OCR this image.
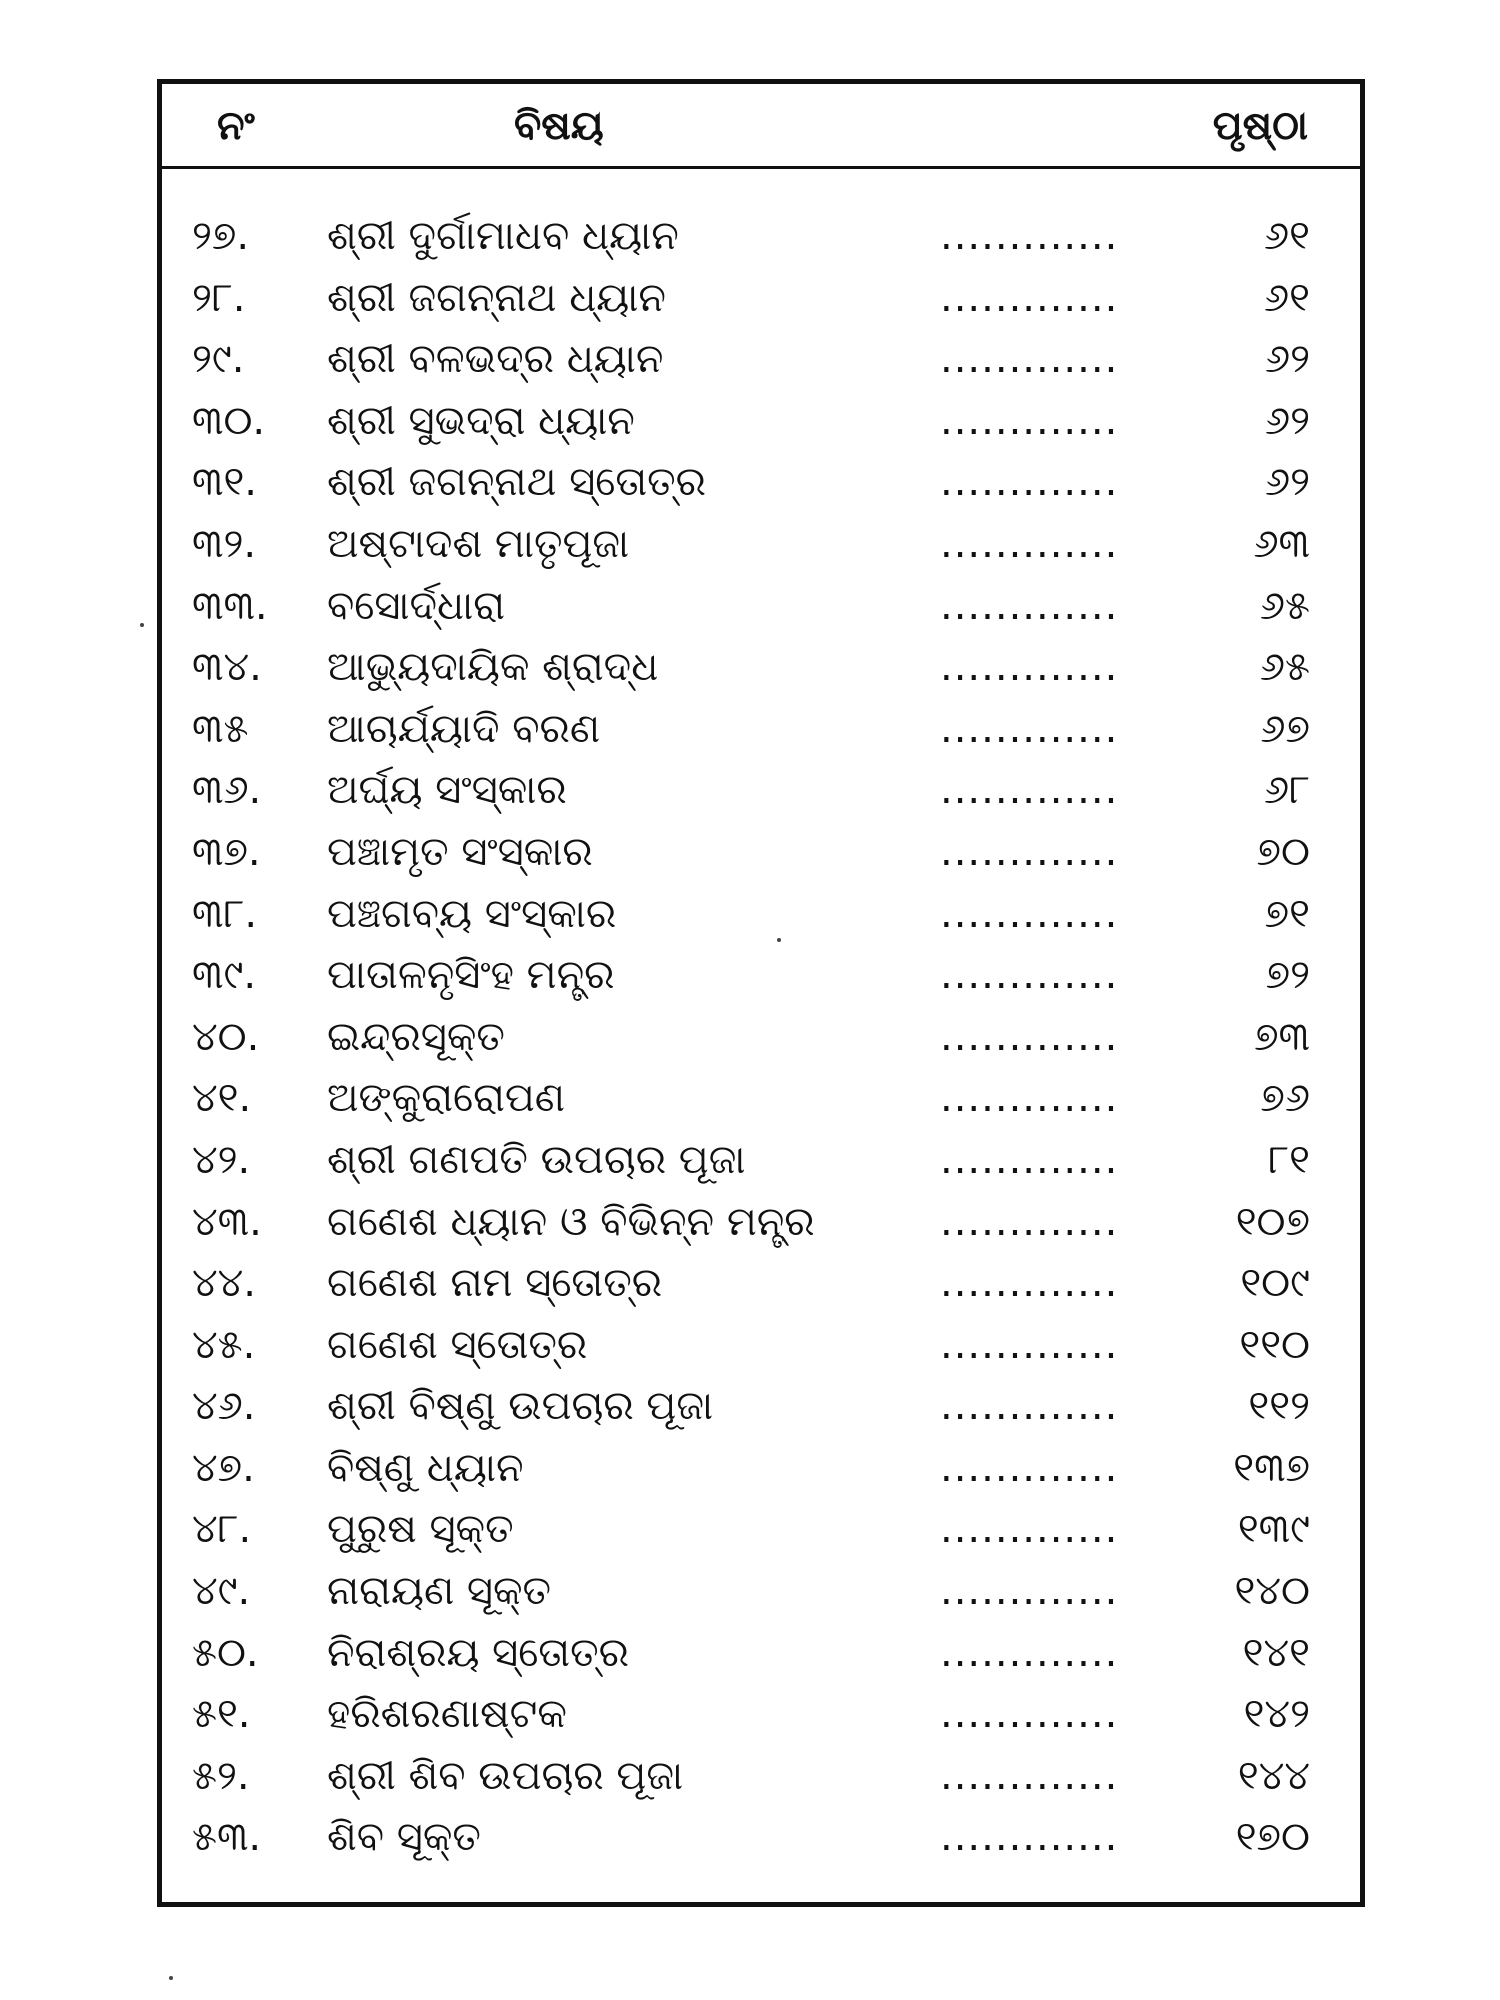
ନଂ	ବିଷୟ	ପୃଷ୍ଠା
୨୭. ଶ୍ରୀ ଦୁର୍ଗାମାଧବ ଧ୍ୟାନ	.............	୬୧
୨୮. ଶ୍ରୀ ଜଗନ୍ନାଥ ଧ୍ୟାନ	.............	୬୧
୨୯. ଶ୍ରୀ ବଳଭଦ୍ର ଧ୍ୟାନ	.............	୬୨
୩୦. ଶ୍ରୀ ସୁଭଦ୍ରା ଧ୍ୟାନ	.............	୬୨
୩୧. ଶ୍ରୀ ଜଗନ୍ନାଥ ସ୍ତୋତ୍ର	.............	୬୨
୩୨. ଅଷ୍ଟାଦଶ ମାତୃପୂଜା	.............	୬୩
୩୩. ବସୋର୍ଦ୍ଧାରା	.............	୬୫
୩୪. ଆଭ୍ୟୁଦାୟିକ ଶ୍ରାଦ୍ଧ	.............	୬୫
୩୫ ଆଚାର୍ଯ୍ୟାଦି ବରଣ	.............	୬୭
୩୬. ଅର୍ଘ୍ୟ ସଂସ୍କାର	.............	୬୮
୩୭. ପଞ୍ଚାମୃତ ସଂସ୍କାର	.............	୭୦
୩୮. ପଞ୍ଚଗବ୍ୟ ସଂସ୍କାର	.............	୭୧
୩୯. ପାତାଳନୃସିଂହ ମନ୍ତ୍ର	.............	୭୨
୪୦. ଇନ୍ଦ୍ରସୂକ୍ତ	.............	୭୩
୪୧. ଅଙ୍କୁରାରୋପଣ	.............	୭୬
୪୨. ଶ୍ରୀ ଗଣପତି ଉପଚାର ପୂଜା	.............	୮୧
୪୩. ଗଣେଶ ଧ୍ୟାନ ଓ ବିଭିନ୍ନ ମନ୍ତ୍ର	.............	୧୦୭
୪୪. ଗଣେଶ ନାମ ସ୍ତୋତ୍ର	.............	୧୦୯
୪୫. ଗଣେଶ ସ୍ତୋତ୍ର	.............	୧୧୦
୪୬. ଶ୍ରୀ ବିଷ୍ଣୁ ଉପଚାର ପୂଜା	.............	୧୧୨
୪୭. ବିଷ୍ଣୁ ଧ୍ୟାନ	.............	୧୩୭
୪୮. ପୁରୁଷ ସୂକ୍ତ	.............	୧୩୯
୪୯. ନାରାୟଣ ସୂକ୍ତ	.............	୧୪୦
୫୦. ନିରାଶ୍ରୟ ସ୍ତୋତ୍ର	.............	୧୪୧
୫୧. ହରିଶରଣାଷ୍ଟକ	.............	୧୪୨
୫୨. ଶ୍ରୀ ଶିବ ଉପଚାର ପୂଜା	.............	୧୪୪
୫୩. ଶିବ ସୂକ୍ତ	.............	୧୭୦
